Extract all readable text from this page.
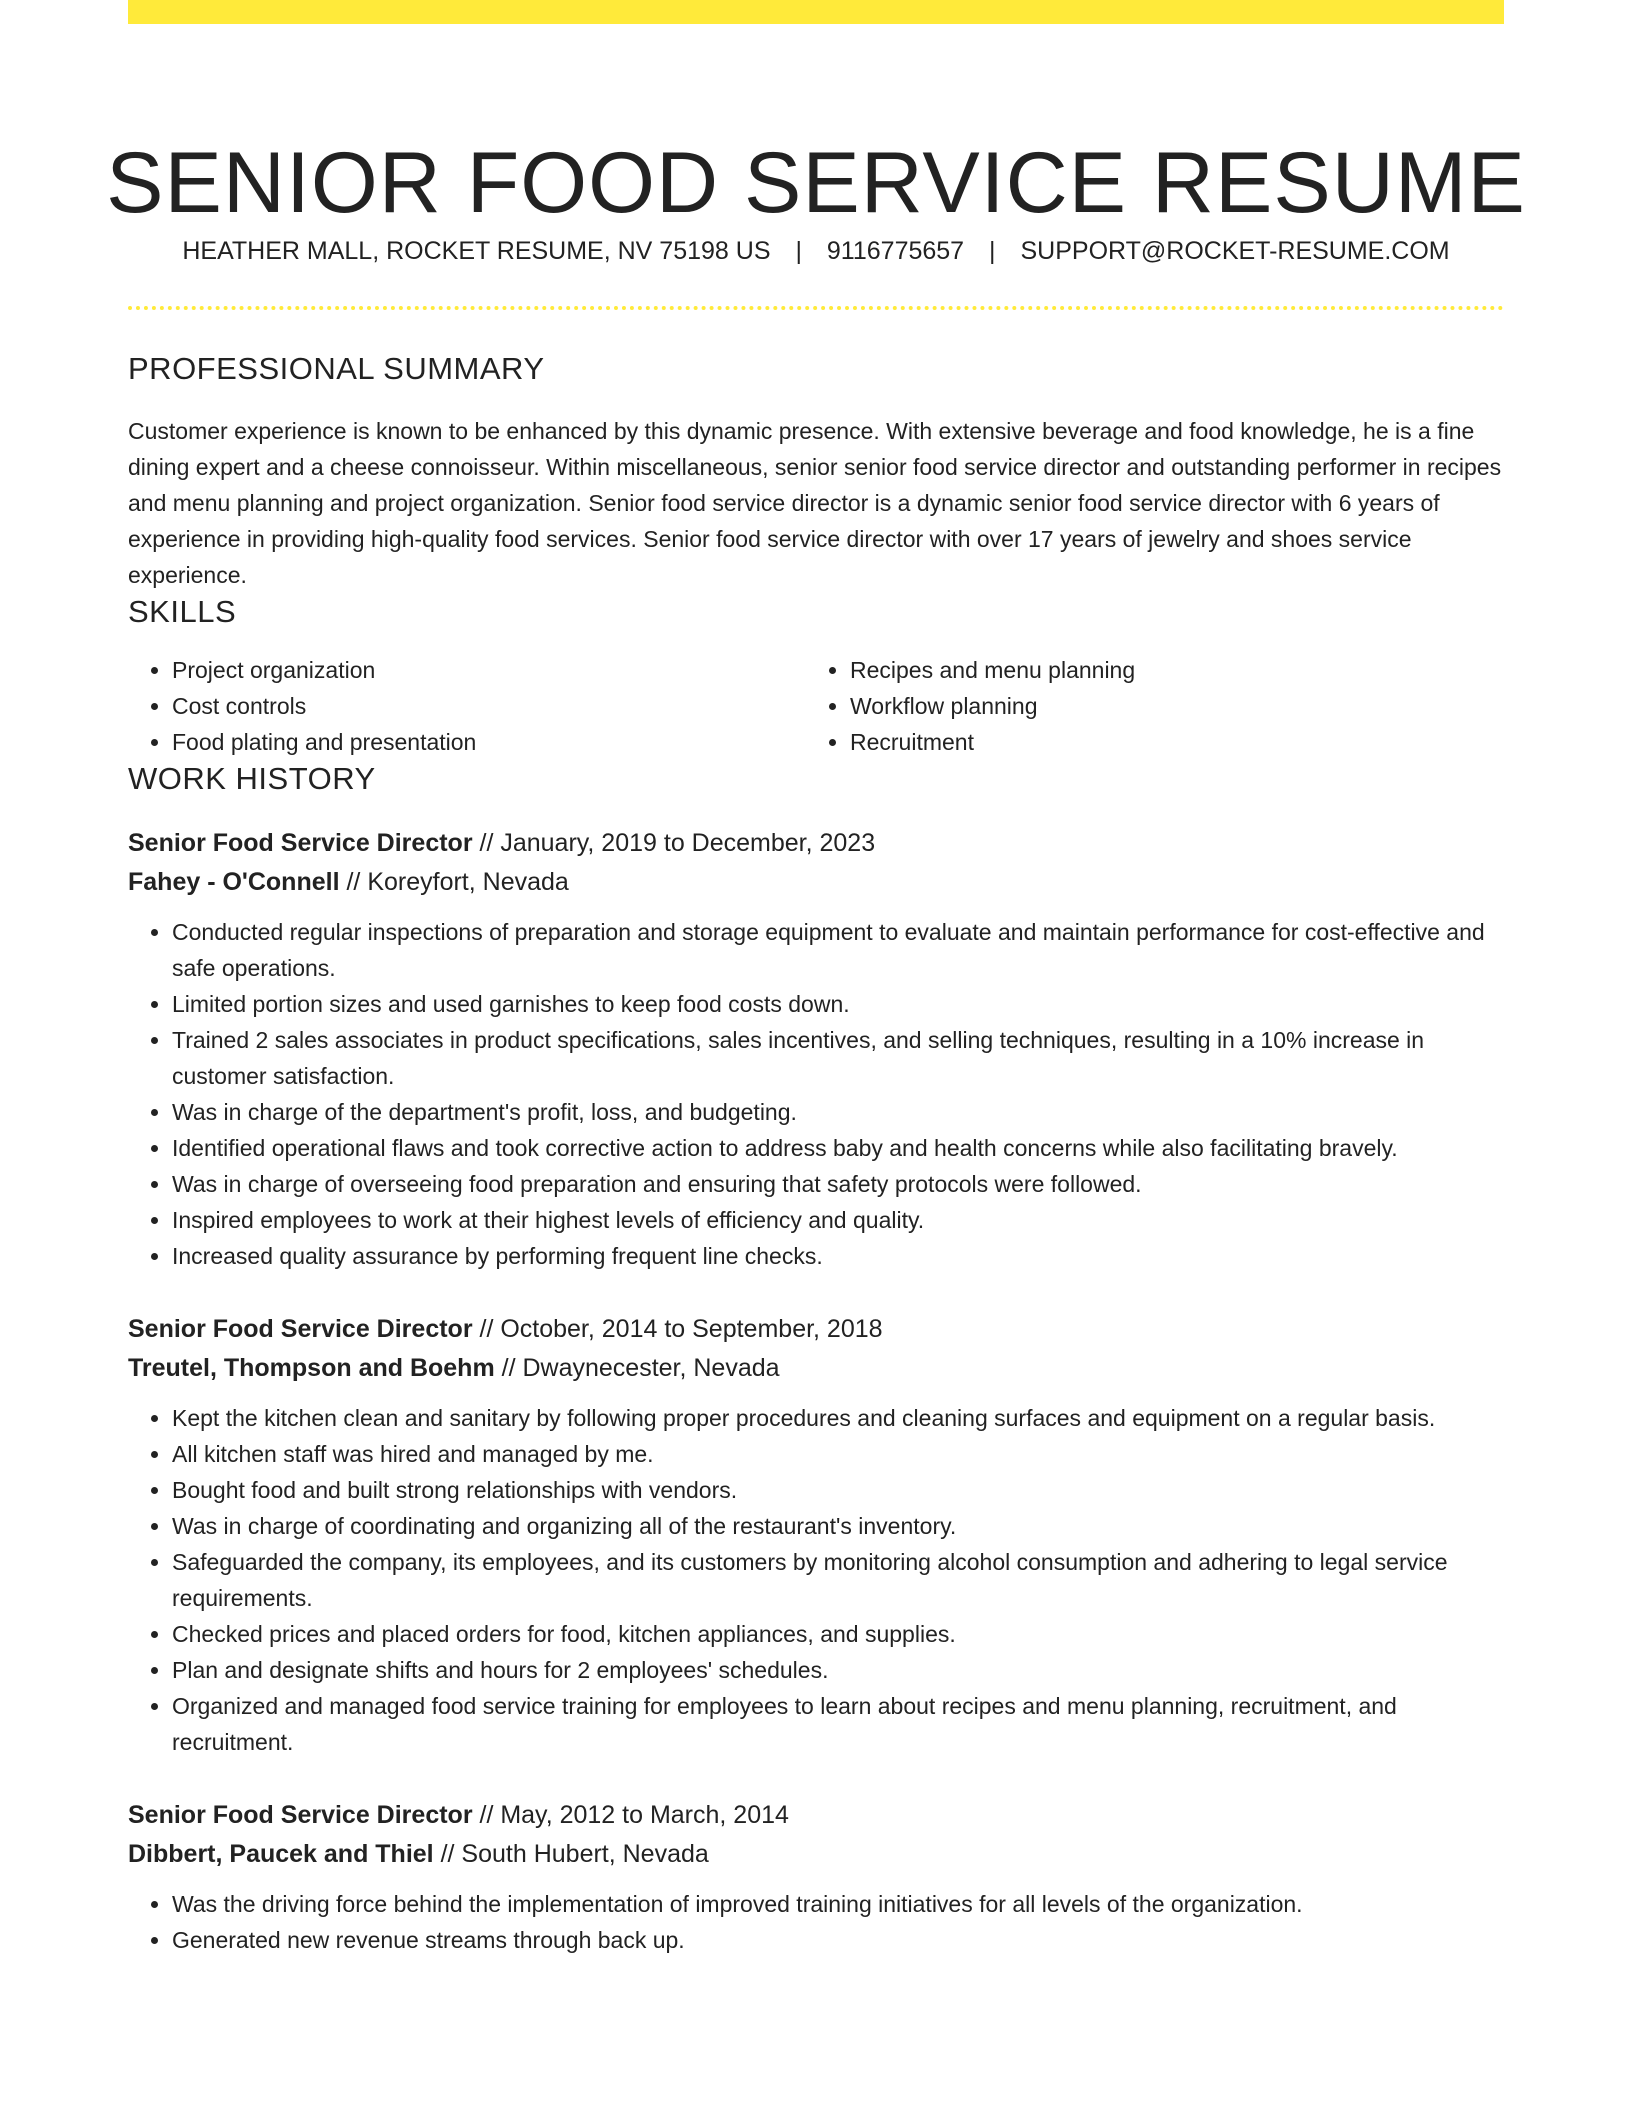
SENIOR FOOD SERVICE RESUME
HEATHER MALL, ROCKET RESUME, NV 75198 US | 9116775657 | SUPPORT@ROCKET-RESUME.COM
PROFESSIONAL SUMMARY

Customer experience is known to be enhanced by this dynamic presence. With extensive beverage and food knowledge, he is a fine dining expert and a cheese connoisseur. Within miscellaneous, senior senior food service director and outstanding performer in recipes and menu planning and project organization. Senior food service director is a dynamic senior food service director with 6 years of experience in providing high-quality food services. Senior food service director with over 17 years of jewelry and shoes service experience.

SKILLS
• Project organization
• Cost controls
• Food plating and presentation
• Recipes and menu planning
• Workflow planning
• Recruitment
WORK HISTORY
Senior Food Service Director // January, 2019 to December, 2023
Fahey - O'Connell // Koreyfort, Nevada
• Conducted regular inspections of preparation and storage equipment to evaluate and maintain performance for cost-effective and safe operations.
• Limited portion sizes and used garnishes to keep food costs down.
• Trained 2 sales associates in product specifications, sales incentives, and selling techniques, resulting in a 10% increase in customer satisfaction.
• Was in charge of the department's profit, loss, and budgeting.
• Identified operational flaws and took corrective action to address baby and health concerns while also facilitating bravely.
• Was in charge of overseeing food preparation and ensuring that safety protocols were followed.
• Inspired employees to work at their highest levels of efficiency and quality.
• Increased quality assurance by performing frequent line checks.
Senior Food Service Director // October, 2014 to September, 2018
Treutel, Thompson and Boehm // Dwaynecester, Nevada
• Kept the kitchen clean and sanitary by following proper procedures and cleaning surfaces and equipment on a regular basis.
• All kitchen staff was hired and managed by me.
• Bought food and built strong relationships with vendors.
• Was in charge of coordinating and organizing all of the restaurant's inventory.
• Safeguarded the company, its employees, and its customers by monitoring alcohol consumption and adhering to legal service requirements.
• Checked prices and placed orders for food, kitchen appliances, and supplies.
• Plan and designate shifts and hours for 2 employees' schedules.
• Organized and managed food service training for employees to learn about recipes and menu planning, recruitment, and recruitment.
Senior Food Service Director // May, 2012 to March, 2014
Dibbert, Paucek and Thiel // South Hubert, Nevada
• Was the driving force behind the implementation of improved training initiatives for all levels of the organization.
• Generated new revenue streams through back up.
